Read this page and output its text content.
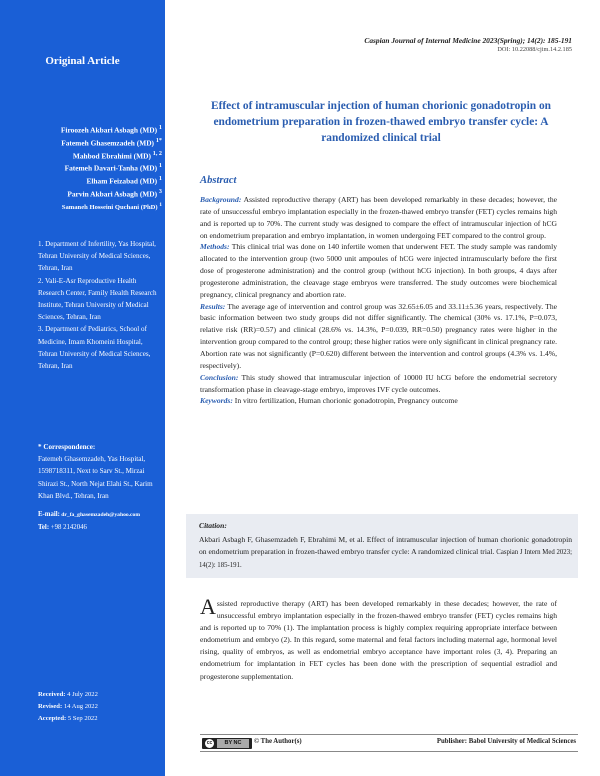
Original Article
Firoozeh Akbari Asbagh (MD) $^1$
Fatemeh Ghasemzadeh (MD) $^{1*}$
Mahbod Ebrahimi (MD) $^{1, 2}$
Fatemeh Davari-Tanha (MD) $^1$
Elham Feizabad (MD) $^1$
Parvin Akbari Asbagh (MD) $^3$
Samaneh Hosseini Quchani (PhD) $^1$
1. Department of Infertility, Yas Hospital, Tehran University of Medical Sciences, Tehran, Iran
2. Vali-E-Asr Reproductive Health Research Center, Family Health Research Institute, Tehran University of Medical Sciences, Tehran, Iran
3. Department of Pediatrics, School of Medicine, Imam Khomeini Hospital, Tehran University of Medical Sciences, Tehran, Iran
* Correspondence:
Fatemeh Ghasemzadeh, Yas Hospital, 1598718311, Next to Sarv St., Mirzai Shirazi St., North Nejat Elahi St., Karim Khan Blvd., Tehran, Iran
E-mail: dr_fa_ghasemzadeh@yahoo.com
Tel: +98 2142046
Received: 4 July 2022
Revised: 14 Aug 2022
Accepted: 5 Sep 2022
Caspian Journal of Internal Medicine 2023(Spring); 14(2): 185-191
DOI: 10.22088/cjim.14.2.185
Effect of intramuscular injection of human chorionic gonadotropin on endometrium preparation in frozen-thawed embryo transfer cycle: A randomized clinical trial
Abstract

Background: Assisted reproductive therapy (ART) has been developed remarkably in these decades; however, the rate of unsuccessful embryo implantation especially in the frozen-thawed embryo transfer (FET) cycles remains high and is reported up to 70%. The current study was designed to compare the effect of intramuscular injection of hCG on endometrium preparation and embryo implantation, in women undergoing FET compared to the control group.

Methods: This clinical trial was done on 140 infertile women that underwent FET. The study sample was randomly allocated to the intervention group (two 5000 unit ampoules of hCG were injected intramuscularly before the first dose of progesterone administration) and the control group (without hCG injection). In both groups, 4 days after progesterone administration, the cleavage stage embryos were transferred. The study outcomes were biochemical pregnancy, clinical pregnancy and abortion rate.

Results: The average age of intervention and control group was 32.65±6.05 and 33.11±5.36 years, respectively. The basic information between two study groups did not differ significantly. The chemical (30% vs. 17.1%, P=0.073, relative risk (RR)=0.57) and clinical (28.6% vs. 14.3%, P=0.039, RR=0.50) pregnancy rates were higher in the intervention group compared to the control group; these higher ratios were only significant in clinical pregnancy rate. Abortion rate was not significantly (P=0.620) different between the intervention and control groups (4.3% vs. 1.4%, respectively).

Conclusion: This study showed that intramuscular injection of 10000 IU hCG before the endometrial secretory transformation phase in cleavage-stage embryo, improves IVF cycle outcomes.

Keywords: In vitro fertilization, Human chorionic gonadotropin, Pregnancy outcome

Citation:
Akbari Asbagh F, Ghasemzadeh F, Ebrahimi M, et al. Effect of intramuscular injection of human chorionic gonadotropin on endometrium preparation in frozen-thawed embryo transfer cycle: A randomized clinical trial. Caspian J Intern Med 2023; 14(2): 185-191.
Assisted reproductive therapy (ART) has been developed remarkably in these decades; however, the rate of unsuccessful embryo implantation especially in the frozen-thawed embryo transfer (FET) cycles remains high and is reported up to 70% (1). The implantation process is highly complex requiring appropriate interface between endometrium and embryo (2). In this regard, some maternal and fetal factors including maternal age, hormonal level rising, quality of embryos, as well as endometrial embryo acceptance have important roles (3, 4). Preparing an endometrium for implantation in FET cycles has been done with the prescription of sequential estradiol and progesterone supplementation.
cc	BY NC	© The Author(s)	Publisher: Babol University of Medical Sciences
